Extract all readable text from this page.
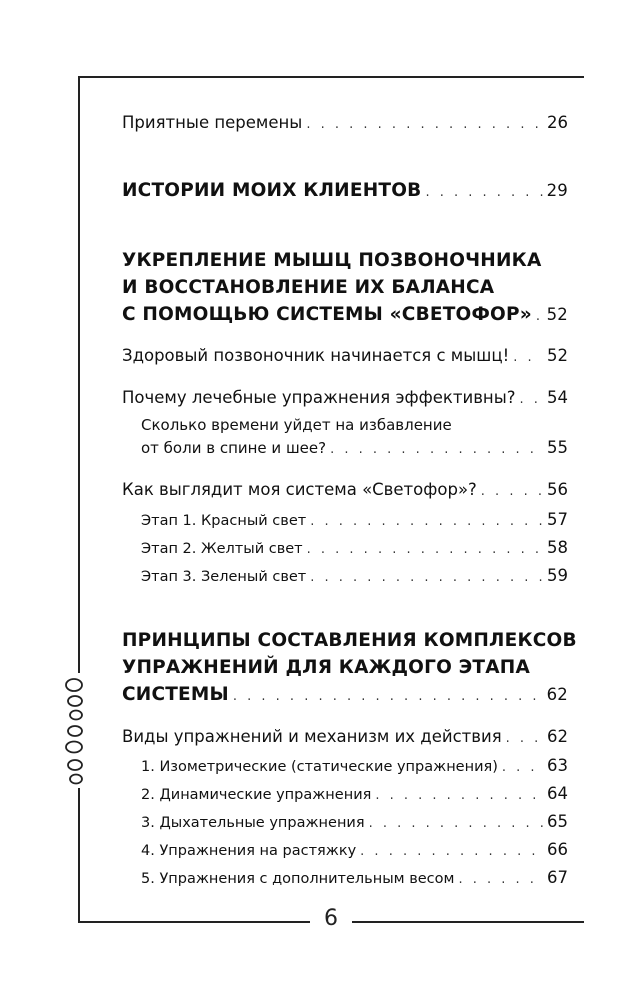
Приятные перемены . . .	26
ИСТОРИИ МОИХ КЛИЕНТОВ . . .	29
УКРЕПЛЕНИЕ МЫШЦ ПОЗВОНОЧНИКА
И ВОССТАНОВЛЕНИЕ ИХ БАЛАНСА
С ПОМОЩЬЮ СИСТЕМЫ «СВЕТОФОР» . . . 52
Здоровый позвоночник начинается с мышц! . . . 52
Почему лечебные упражнения эффективны? . . . 54
Сколько времени уйдет на избавление
от боли в спине и шее? . . .	55
Как выглядит моя система «Светофор»? . . .	56
Этап 1. Красный свет . . .	57
Этап 2. Желтый свет . . .	58
Этап 3. Зеленый свет . . .	59
ПРИНЦИПЫ СОСТАВЛЕНИЯ КОМПЛЕКСОВ
УПРАЖНЕНИЙ ДЛЯ КАЖДОГО ЭТАПА
СИСТЕМЫ . . .	62
Виды упражнений и механизм их действия . . .	62
1. Изометрические (статические упражнения) . . .	63
2. Динамические упражнения . . .	64
3. Дыхательные упражнения . . .	65
4. Упражнения на растяжку . . .	66
5. Упражнения с дополнительным весом . . .	67
6
